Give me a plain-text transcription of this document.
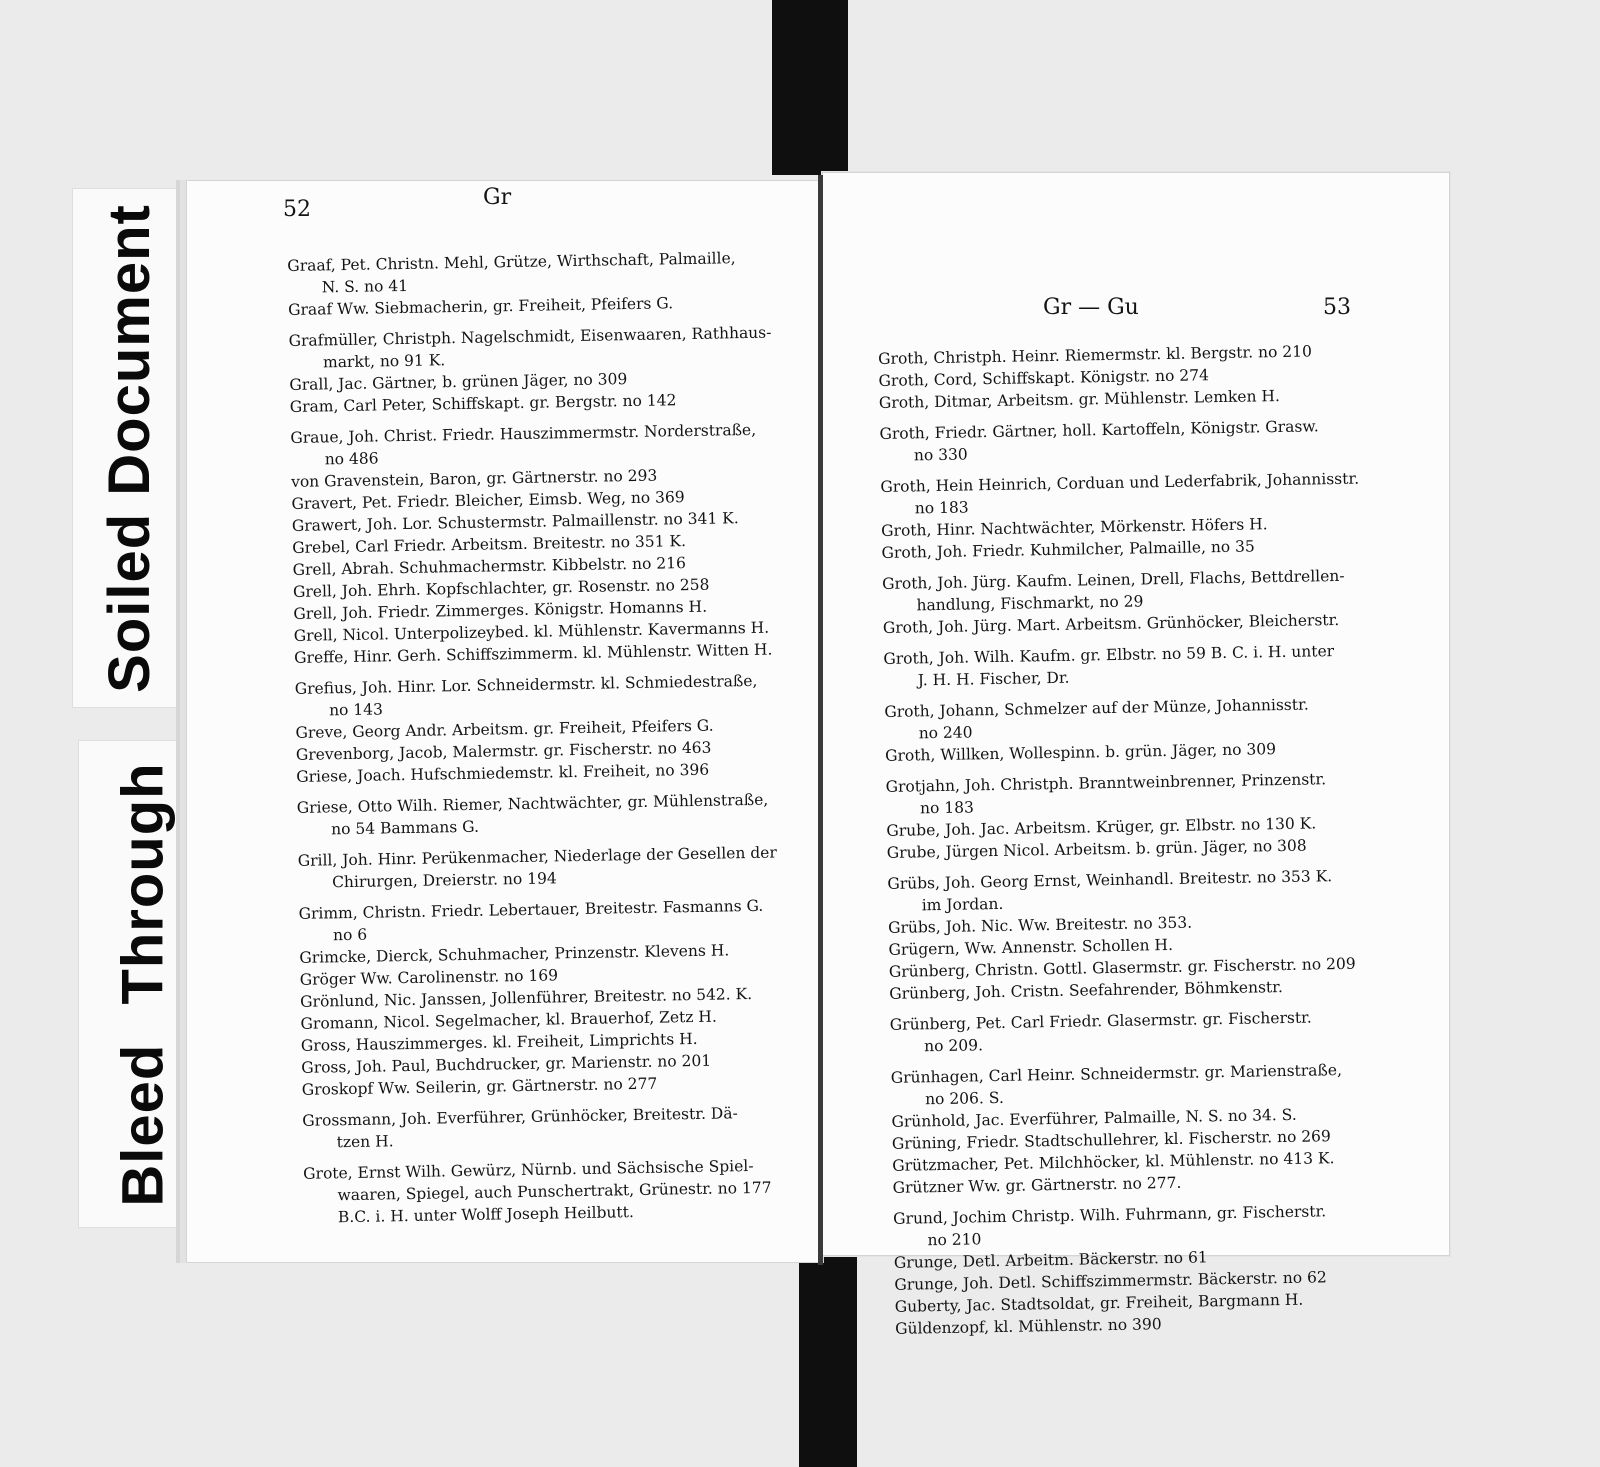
Soiled Document
Bleed Through
52	Gr
Graaf, Pet. Christn. Mehl, Grütze, Wirthschaft, Palmaille,
N. S. no 41
Graaf Ww. Siebmacherin, gr. Freiheit, Pfeifers G.
Grafmüller, Christph. Nagelschmidt, Eisenwaaren, Rathhaus-
markt, no 91 K.
Grall, Jac. Gärtner, b. grünen Jäger, no 309
Gram, Carl Peter, Schiffskapt. gr. Bergstr. no 142
Graue, Joh. Christ. Friedr. Hauszimmermstr. Norderstraße,
no 486
von Gravenstein, Baron, gr. Gärtnerstr. no 293
Gravert, Pet. Friedr. Bleicher, Eimsb. Weg, no 369
Grawert, Joh. Lor. Schustermstr. Palmaillenstr. no 341 K.
Grebel, Carl Friedr. Arbeitsm. Breitestr. no 351 K.
Grell, Abrah. Schuhmachermstr. Kibbelstr. no 216
Grell, Joh. Ehrh. Kopfschlachter, gr. Rosenstr. no 258
Grell, Joh. Friedr. Zimmerges. Königstr. Homanns H.
Grell, Nicol. Unterpolizeybed. kl. Mühlenstr. Kavermanns H.
Greffe, Hinr. Gerh. Schiffszimmerm. kl. Mühlenstr. Witten H.
Grefius, Joh. Hinr. Lor. Schneidermstr. kl. Schmiedestraße,
no 143
Greve, Georg Andr. Arbeitsm. gr. Freiheit, Pfeifers G.
Grevenborg, Jacob, Malermstr. gr. Fischerstr. no 463
Griese, Joach. Hufschmiedemstr. kl. Freiheit, no 396
Griese, Otto Wilh. Riemer, Nachtwächter, gr. Mühlenstraße,
no 54 Bammans G.
Grill, Joh. Hinr. Perükenmacher, Niederlage der Gesellen der
Chirurgen, Dreierstr. no 194
Grimm, Christn. Friedr. Lebertauer, Breitestr. Fasmanns G.
no 6
Grimcke, Dierck, Schuhmacher, Prinzenstr. Klevens H.
Gröger Ww. Carolinenstr. no 169
Grönlund, Nic. Janssen, Jollenführer, Breitestr. no 542. K.
Gromann, Nicol. Segelmacher, kl. Brauerhof, Zetz H.
Gross, Hauszimmerges. kl. Freiheit, Limprichts H.
Gross, Joh. Paul, Buchdrucker, gr. Marienstr. no 201
Groskopf Ww. Seilerin, gr. Gärtnerstr. no 277
Grossmann, Joh. Everführer, Grünhöcker, Breitestr. Dä-
tzen H.
Grote, Ernst Wilh. Gewürz, Nürnb. und Sächsische Spiel-
waaren, Spiegel, auch Punschertrakt, Grünestr. no 177
B.C. i. H. unter Wolff Joseph Heilbutt.
Gr — Gu	53
Groth, Christph. Heinr. Riemermstr. kl. Bergstr. no 210
Groth, Cord, Schiffskapt. Königstr. no 274
Groth, Ditmar, Arbeitsm. gr. Mühlenstr. Lemken H.
Groth, Friedr. Gärtner, holl. Kartoffeln, Königstr. Grasw.
no 330
Groth, Hein Heinrich, Corduan und Lederfabrik, Johannisstr.
no 183
Groth, Hinr. Nachtwächter, Mörkenstr. Höfers H.
Groth, Joh. Friedr. Kuhmilcher, Palmaille, no 35
Groth, Joh. Jürg. Kaufm. Leinen, Drell, Flachs, Bettdrellen-
handlung, Fischmarkt, no 29
Groth, Joh. Jürg. Mart. Arbeitsm. Grünhöcker, Bleicherstr.
Groth, Joh. Wilh. Kaufm. gr. Elbstr. no 59 B. C. i. H. unter
J. H. H. Fischer, Dr.
Groth, Johann, Schmelzer auf der Münze, Johannisstr.
no 240
Groth, Willken, Wollespinn. b. grün. Jäger, no 309
Grotjahn, Joh. Christph. Branntweinbrenner, Prinzenstr.
no 183
Grube, Joh. Jac. Arbeitsm. Krüger, gr. Elbstr. no 130 K.
Grube, Jürgen Nicol. Arbeitsm. b. grün. Jäger, no 308
Grübs, Joh. Georg Ernst, Weinhandl. Breitestr. no 353 K.
im Jordan.
Grübs, Joh. Nic. Ww. Breitestr. no 353.
Grügern, Ww. Annenstr. Schollen H.
Grünberg, Christn. Gottl. Glasermstr. gr. Fischerstr. no 209
Grünberg, Joh. Cristn. Seefahrender, Böhmkenstr.
Grünberg, Pet. Carl Friedr. Glasermstr. gr. Fischerstr.
no 209.
Grünhagen, Carl Heinr. Schneidermstr. gr. Marienstraße,
no 206. S.
Grünhold, Jac. Everführer, Palmaille, N. S. no 34. S.
Grüning, Friedr. Stadtschullehrer, kl. Fischerstr. no 269
Grützmacher, Pet. Milchhöcker, kl. Mühlenstr. no 413 K.
Grützner Ww. gr. Gärtnerstr. no 277.
Grund, Jochim Christp. Wilh. Fuhrmann, gr. Fischerstr.
no 210
Grunge, Detl. Arbeitm. Bäckerstr. no 61
Grunge, Joh. Detl. Schiffszimmermstr. Bäckerstr. no 62
Guberty, Jac. Stadtsoldat, gr. Freiheit, Bargmann H.
Güldenzopf, kl. Mühlenstr. no 390
